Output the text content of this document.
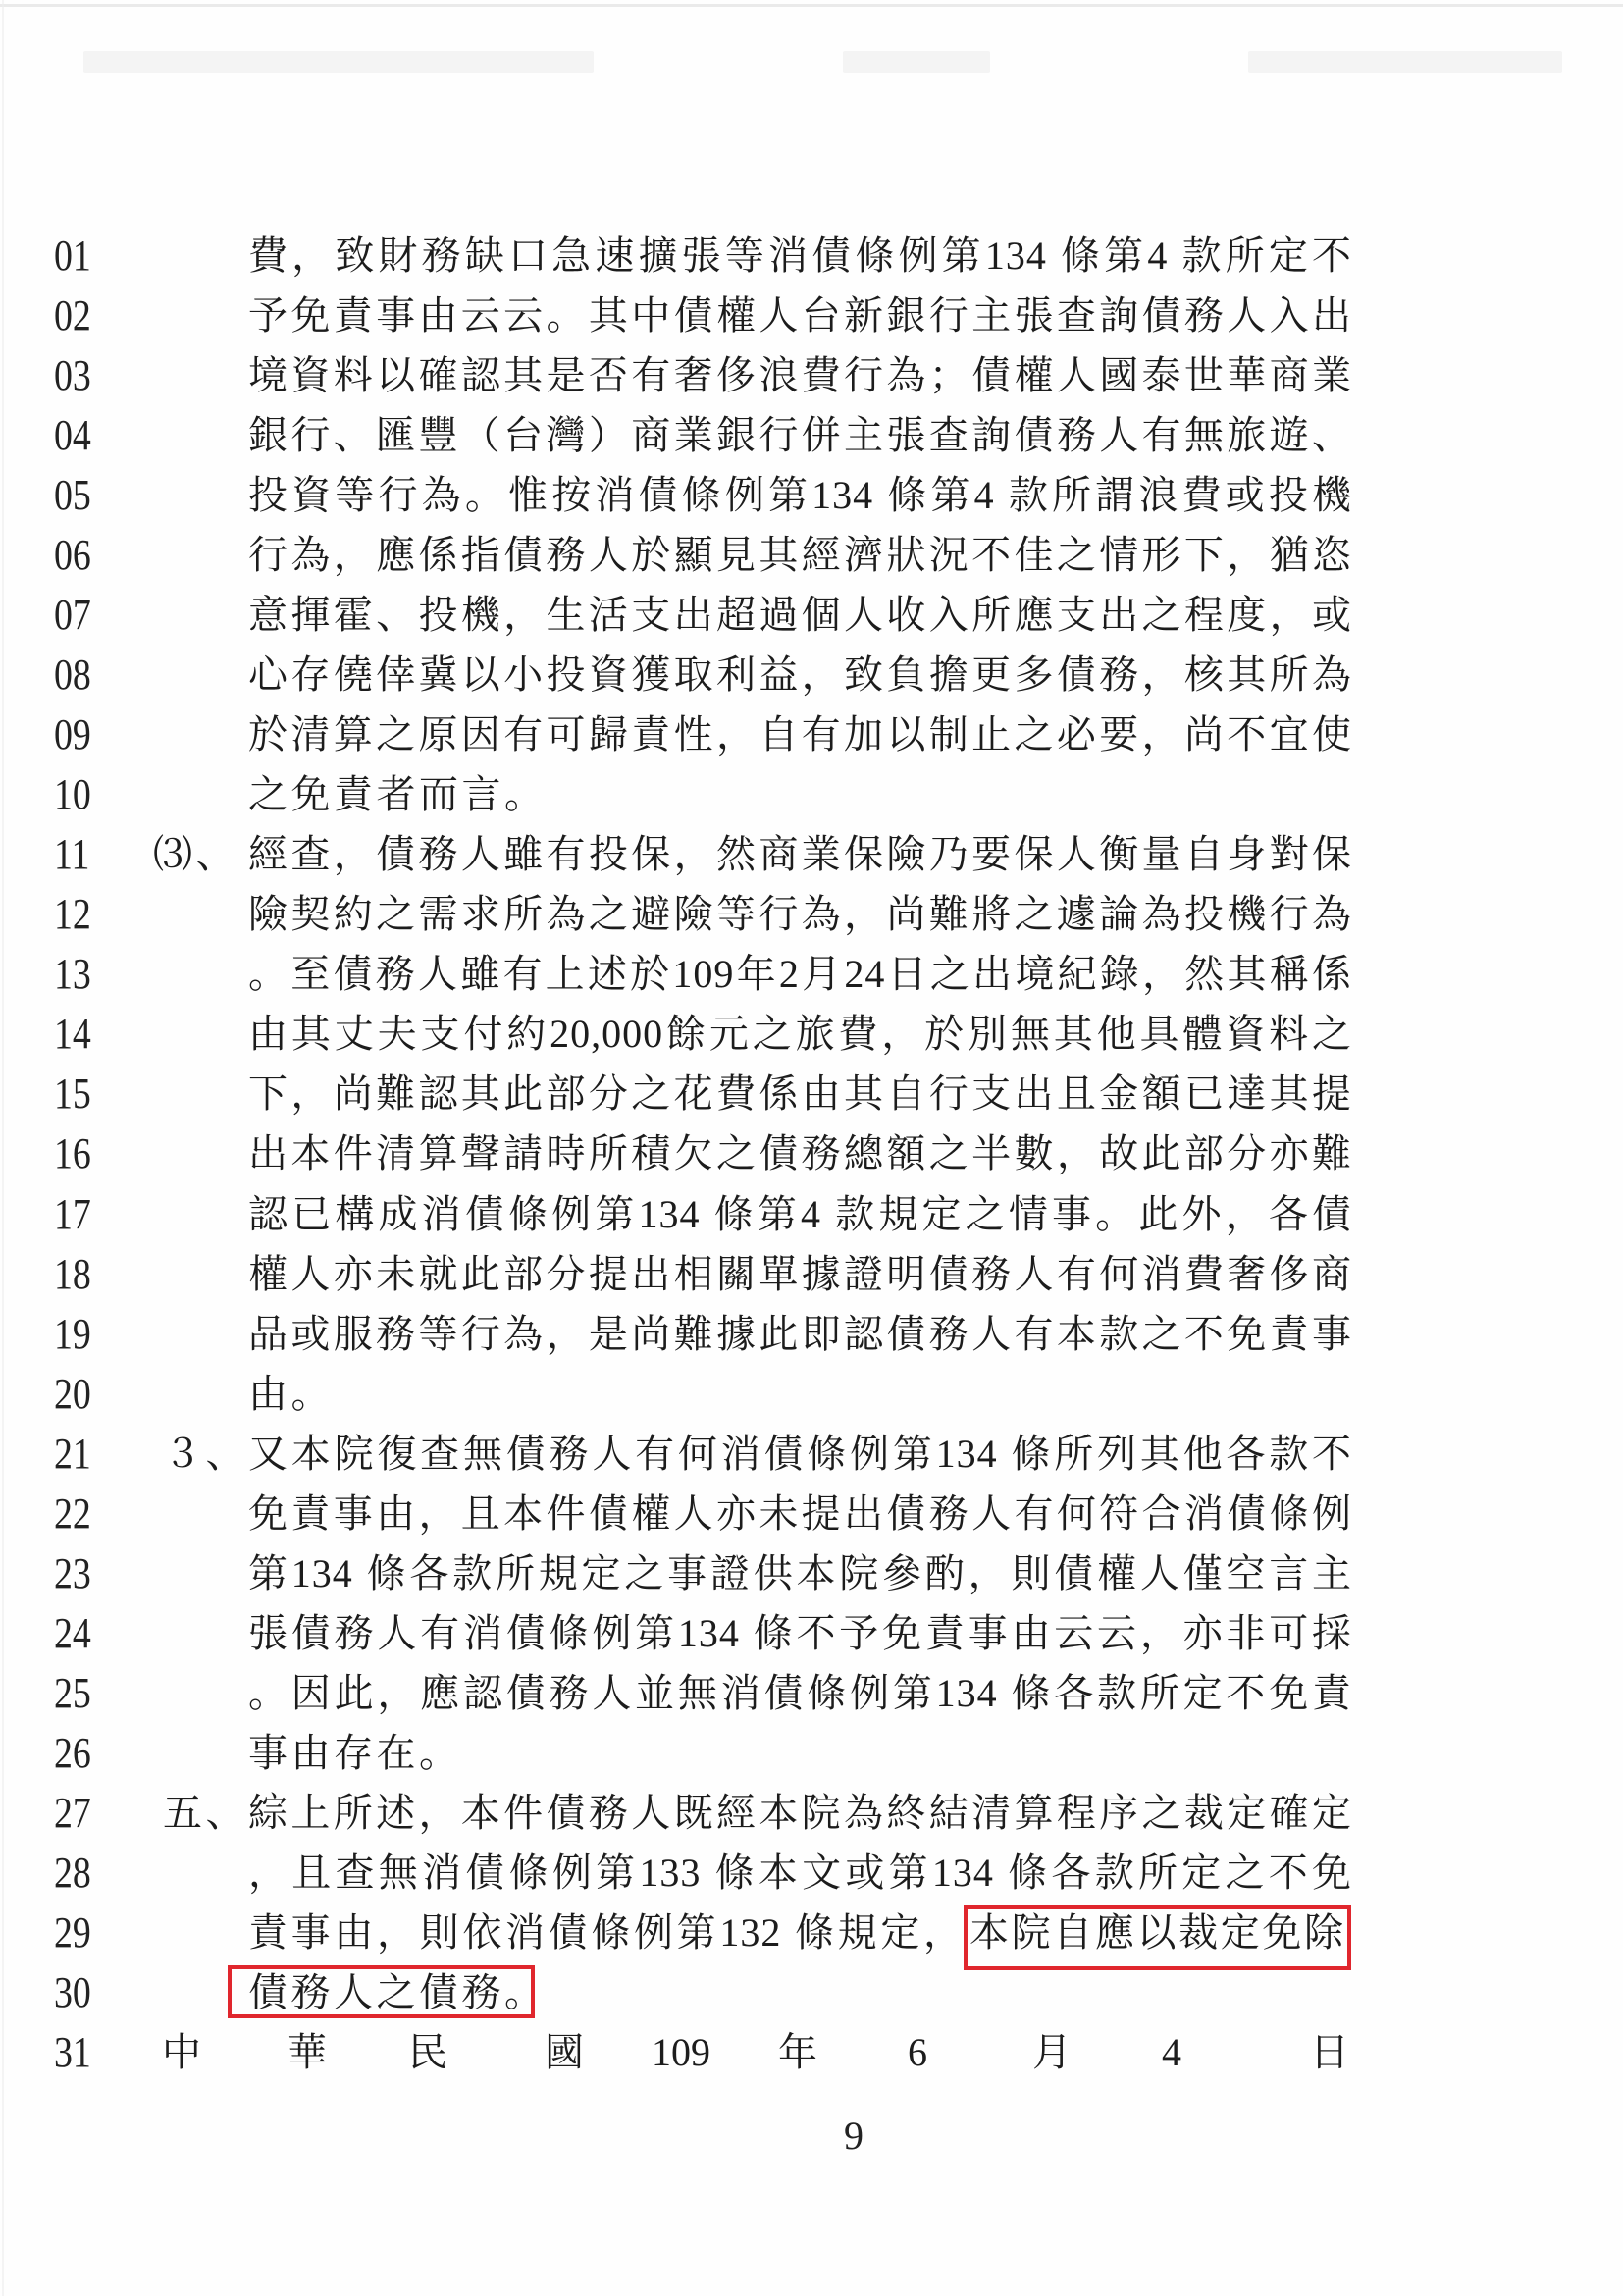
01	費，致財務缺口急速擴張等消債條例第134 條第4 款所定不
02	予免責事由云云。其中債權人台新銀行主張查詢債務人入出
03	境資料以確認其是否有奢侈浪費行為；債權人國泰世華商業
04	銀行、匯豐（台灣）商業銀行併主張查詢債務人有無旅遊、
05	投資等行為。惟按消債條例第134 條第4 款所謂浪費或投機
06	行為，應係指債務人於顯見其經濟狀況不佳之情形下，猶恣
07	意揮霍、投機，生活支出超過個人收入所應支出之程度，或
08	心存僥倖冀以小投資獲取利益，致負擔更多債務，核其所為
09	於清算之原因有可歸責性，自有加以制止之必要，尚不宜使
10	之免責者而言。
11 ⑶、 經查，債務人雖有投保，然商業保險乃要保人衡量自身對保
12	險契約之需求所為之避險等行為，尚難將之遽論為投機行為
13	。至債務人雖有上述於109年2月24日之出境紀錄，然其稱係
14	由其丈夫支付約20,000餘元之旅費，於別無其他具體資料之
15	下，尚難認其此部分之花費係由其自行支出且金額已達其提
16	出本件清算聲請時所積欠之債務總額之半數，故此部分亦難
17	認已構成消債條例第134 條第4 款規定之情事。此外，各債
18	權人亦未就此部分提出相關單據證明債務人有何消費奢侈商
19	品或服務等行為，是尚難據此即認債務人有本款之不免責事
20	由。
21 ３、 又本院復查無債務人有何消債條例第134 條所列其他各款不
22	免責事由，且本件債權人亦未提出債務人有何符合消債條例
23	第134 條各款所規定之事證供本院參酌，則債權人僅空言主
24	張債務人有消債條例第134 條不予免責事由云云，亦非可採
25	。因此，應認債務人並無消債條例第134 條各款所定不免責
26	事由存在。
27 五、 綜上所述，本件債務人既經本院為終結清算程序之裁定確定
28	，且查無消債條例第133 條本文或第134 條各款所定之不免
29	責事由，則依消債條例第132 條規定， 本院自應以裁定免除
30	債務人之債務。
31	中	華	民	國	109	年	6	月	4	日
9
